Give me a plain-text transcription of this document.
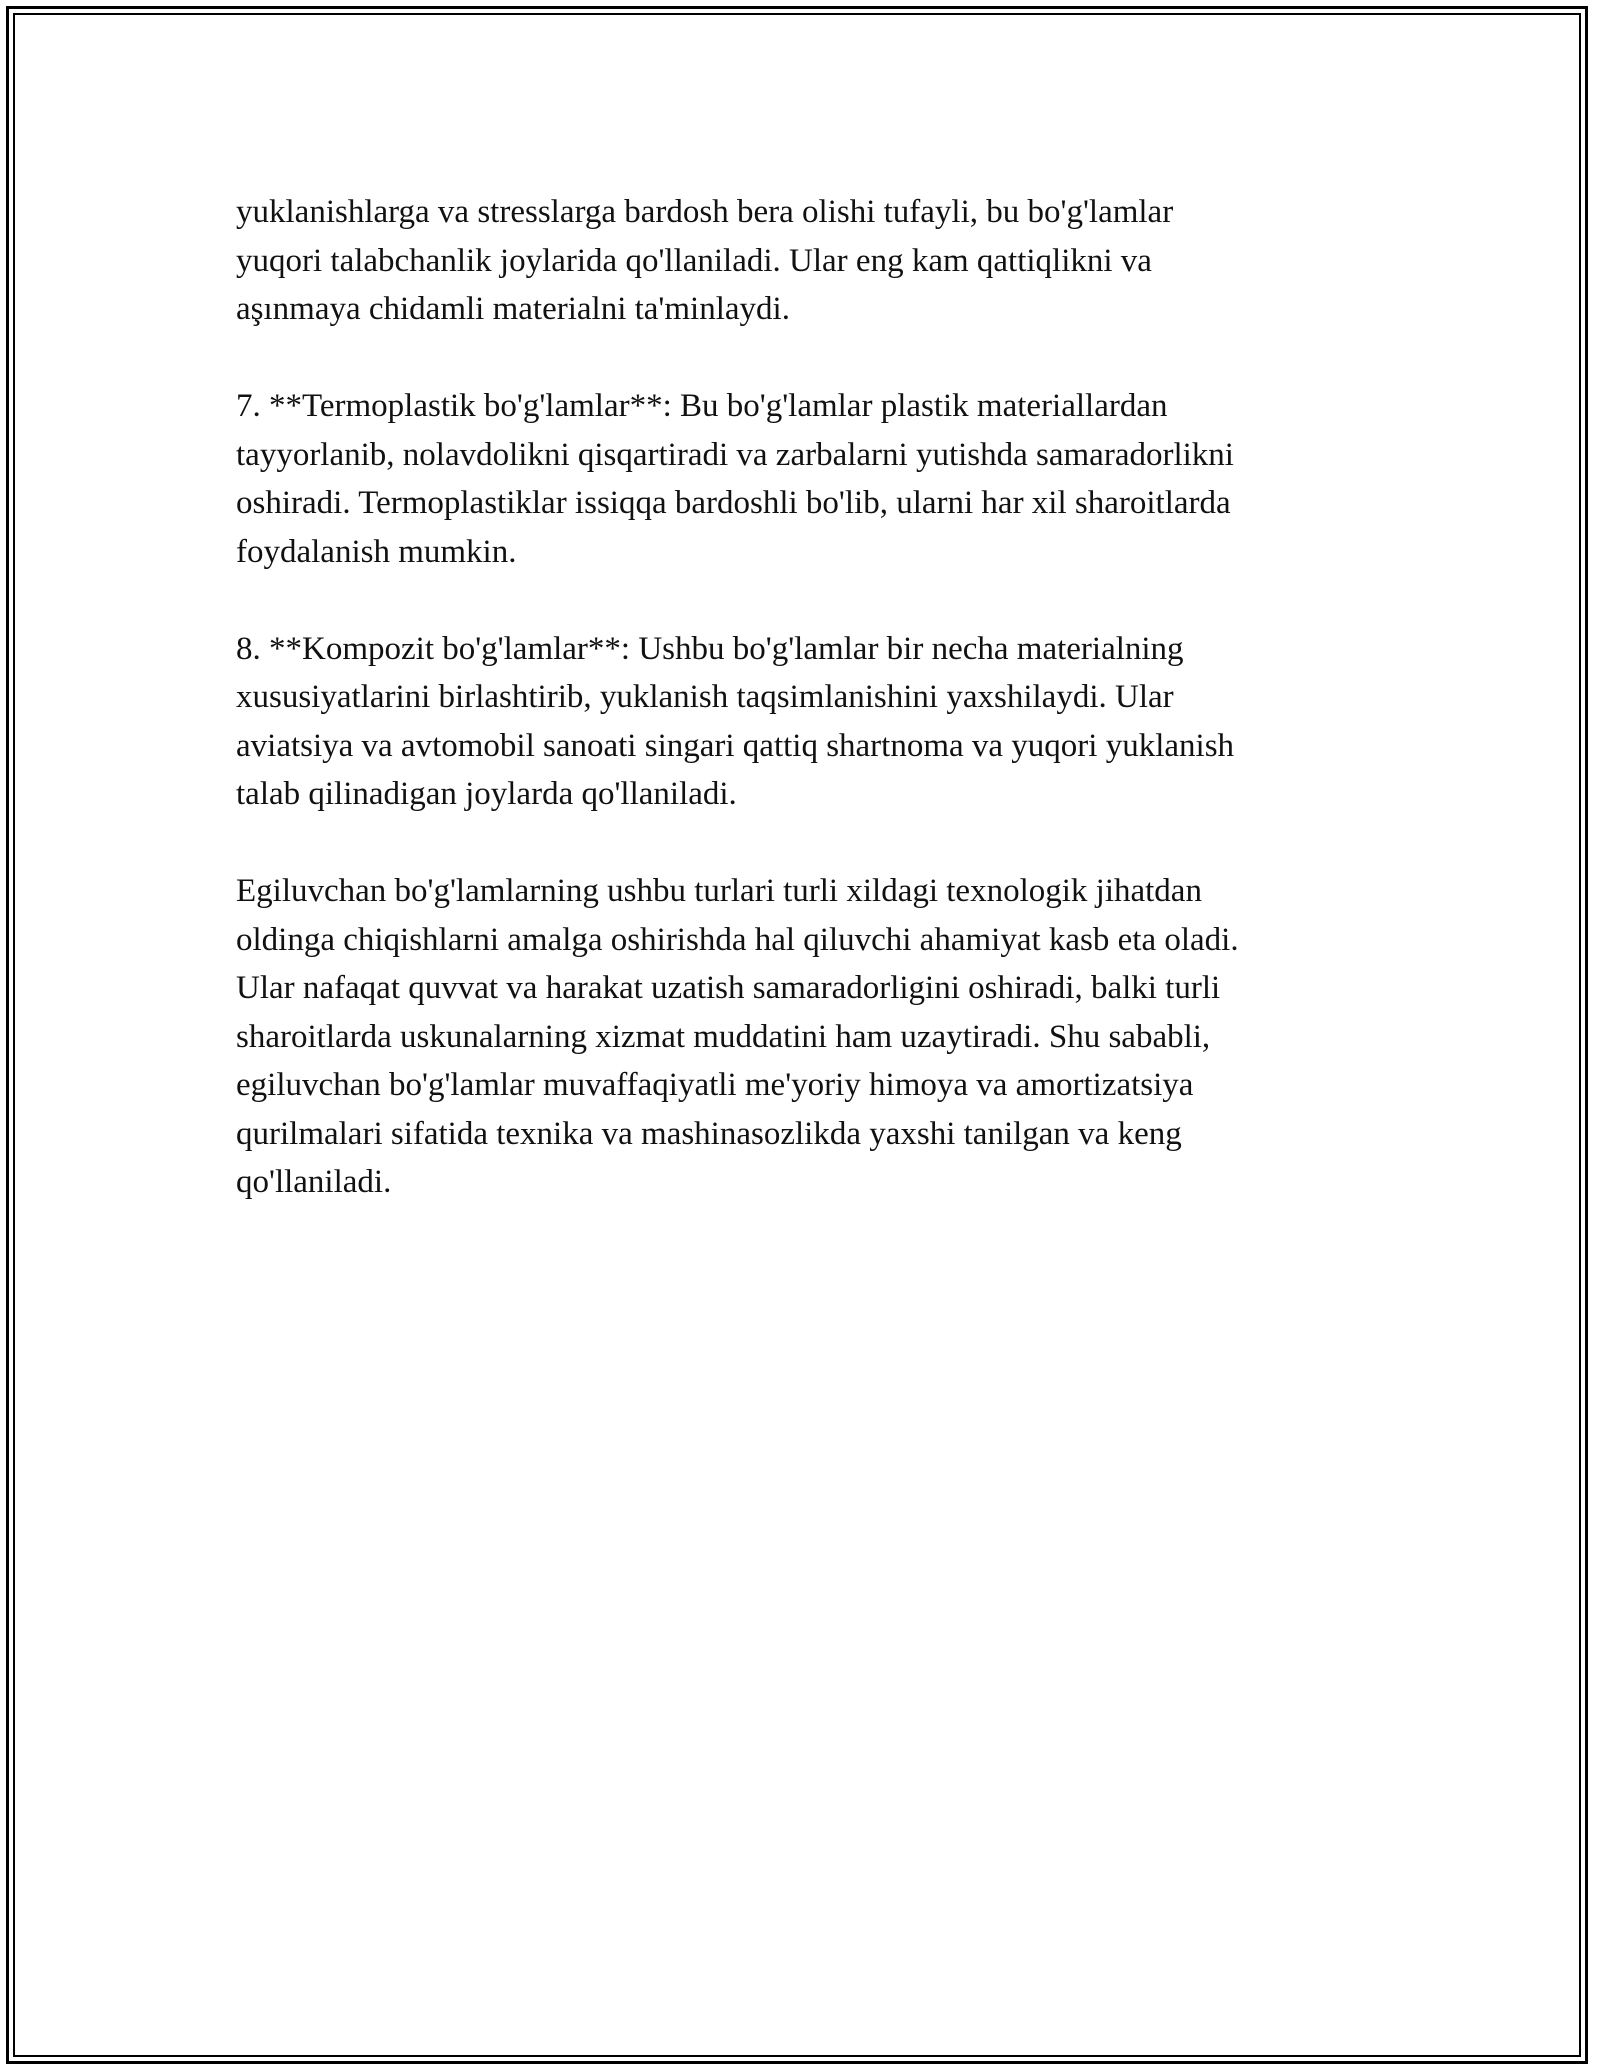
yuklanishlarga va stresslarga bardosh bera olishi tufayli, bu bo'g'lamlar
yuqori talabchanlik joylarida qo'llaniladi. Ular eng kam qattiqlikni va
aşınmaya chidamli materialni ta'minlaydi.

7. **Termoplastik bo'g'lamlar**: Bu bo'g'lamlar plastik materiallardan
tayyorlanib, nolavdolikni qisqartiradi va zarbalarni yutishda samaradorlikni
oshiradi. Termoplastiklar issiqqa bardoshli bo'lib, ularni har xil sharoitlarda
foydalanish mumkin.

8. **Kompozit bo'g'lamlar**: Ushbu bo'g'lamlar bir necha materialning
xususiyatlarini birlashtirib, yuklanish taqsimlanishini yaxshilaydi. Ular
aviatsiya va avtomobil sanoati singari qattiq shartnoma va yuqori yuklanish
talab qilinadigan joylarda qo'llaniladi.

Egiluvchan bo'g'lamlarning ushbu turlari turli xildagi texnologik jihatdan
oldinga chiqishlarni amalga oshirishda hal qiluvchi ahamiyat kasb eta oladi.
Ular nafaqat quvvat va harakat uzatish samaradorligini oshiradi, balki turli
sharoitlarda uskunalarning xizmat muddatini ham uzaytiradi. Shu sababli,
egiluvchan bo'g'lamlar muvaffaqiyatli me'yoriy himoya va amortizatsiya
qurilmalari sifatida texnika va mashinasozlikda yaxshi tanilgan va keng
qo'llaniladi.
